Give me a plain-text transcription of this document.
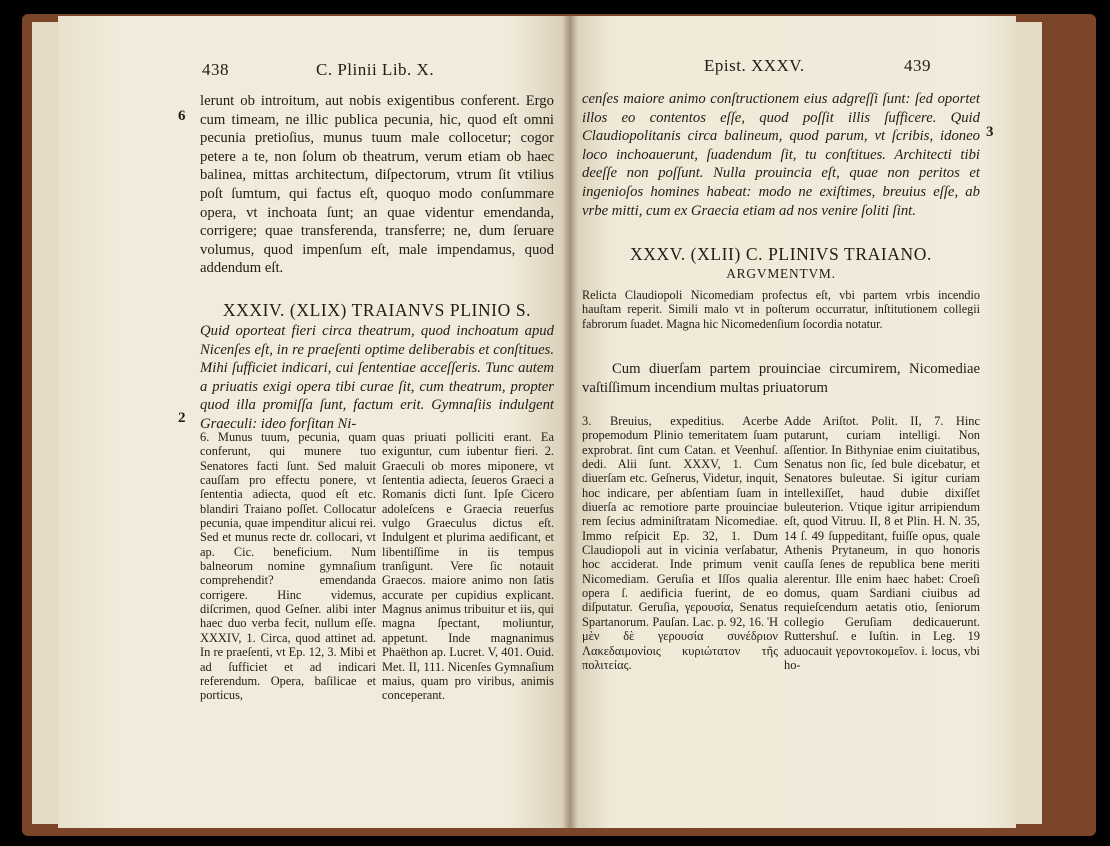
438	C. Plinii Lib. X.
6
2
lerunt ob introitum, aut nobis exigentibus conferent. Ergo cum timeam, ne illic publica pecunia, hic, quod eſt omni pecunia pretioſius, munus tuum male collocetur; cogor petere a te, non ſolum ob theatrum, verum etiam ob haec balinea, mittas architectum, diſpectorum, vtrum ſit vtilius poſt ſumtum, qui factus eſt, quoquo modo conſummare opera, vt inchoata ſunt; an quae videntur emendanda, corrigere; quae transferenda, transferre; ne, dum ſeruare volumus, quod impenſum eſt, male impendamus, quod addendum eſt.
XXXIV. (XLIX) TRAIANVS PLINIO S.
Quid oporteat fieri circa theatrum, quod inchoatum apud Nicenſes eſt, in re praeſenti optime deliberabis et conſtitues. Mihi ſufficiet indicari, cui ſententiae acceſſeris. Tunc autem a priuatis exigi opera tibi curae ſit, cum theatrum, propter quod illa promiſſa ſunt, factum erit. Gymnaſiis indulgent Graeculi: ideo forſitan Ni-
6. Munus tuum, pecunia, quam conferunt, qui munere tuo Senatores facti ſunt. Sed maluit cauſſam pro effectu ponere, vt ſententia adiecta, quod eſt etc. blandiri Traiano poſſet. Collocatur pecunia, quae impenditur alicui rei. Sed et munus recte dr. collocari, vt ap. Cic. beneficium. Num balneorum nomine gymnaſium comprehendit? emendanda corrigere. Hinc videmus, diſcrimen, quod Geſner. alibi inter haec duo verba fecit, nullum eſſe. XXXIV, 1. Circa, quod attinet ad. In re praeſenti, vt Ep. 12, 3. Mibi et ad ſufficiet et ad indicari referendum. Opera, baſilicae et porticus,
quas priuati polliciti erant. Ea exiguntur, cum iubentur fieri. 2. Graeculi ob mores miponere, vt ſententia adiecta, ſeueros Graeci a Romanis dicti ſunt. Ipſe Cicero adoleſcens e Graecia reuerſus vulgo Graeculus dictus eſt. Indulgent et plurima aedificant, et libentiſſime in iis tempus tranſigunt. Vere ſic notauit Graecos. maiore animo non ſatis accurate per cupidius explicant. Magnus animus tribuitur et iis, qui magna ſpectant, moliuntur, appetunt. Inde magnanimus Phaëthon ap. Lucret. V, 401. Ouid. Met. II, 111. Nicenſes Gymnaſium maius, quam pro viribus, animis conceperant.
Epist. XXXV.	439
3
cenſes maiore animo conſtructionem eius adgreſſi ſunt: ſed oportet illos eo contentos eſſe, quod poſſit illis ſufficere. Quid Claudiopolitanis circa balineum, quod parum, vt ſcribis, idoneo loco inchoauerunt, ſuadendum ſit, tu conſtitues. Architecti tibi deeſſe non poſſunt. Nulla prouincia eſt, quae non peritos et ingenioſos homines habeat: modo ne exiſtimes, breuius eſſe, ab vrbe mitti, cum ex Graecia etiam ad nos venire ſoliti ſint.
XXXV. (XLII) C. PLINIVS TRAIANO.
ARGVMENTVM.
Relicta Claudiopoli Nicomediam profectus eſt, vbi partem vrbis incendio hauſtam reperit. Simili malo vt in poſterum occurratur, inſtitutionem collegii fabrorum ſuadet. Magna hic Nicomedenſium ſocordia notatur.
Cum diuerſam partem prouinciae circumirem, Nicomediae vaſtiſſimum incendium multas priuatorum
3. Breuius, expeditius. Acerbe propemodum Plinio temeritatem ſuam exprobrat. ſint cum Catan. et Veenhuſ. dedi. Alii ſunt. XXXV, 1. Cum diuerſam etc. Geſnerus, Videtur, inquit, hoc indicare, per abſentiam ſuam in diuerſa ac remotiore parte prouinciae rem ſecius adminiſtratam Nicomediae. Immo reſpicit Ep. 32, 1. Dum Claudiopoli aut in vicinia verſabatur, hoc acciderat. Inde primum venit Nicomediam. Geruſia et Iſſos qualia opera ſ. aedificia fuerint, de eo diſputatur. Geruſia, γερουσία, Senatus Spartanorum. Pauſan. Lac. p. 92, 16. Ἡ μὲν δὲ γερουσία συνέδριον Λακεδαιμονίοις κυριώτατον τῆς πολιτείας.
Adde Ariſtot. Polit. II, 7. Hinc putarunt, curiam intelligi. Non aſſentior. In Bithyniae enim ciuitatibus, Senatus non ſic, ſed bule dicebatur, et Senatores buleutae. Si igitur curiam intellexiſſet, haud dubie dixiſſet buleuterion. Vtique igitur arripiendum eſt, quod Vitruu. II, 8 et Plin. H. N. 35, 14 ſ. 49 ſuppeditant, fuiſſe opus, quale Athenis Prytaneum, in quo honoris cauſſa ſenes de republica bene meriti alerentur. Ille enim haec habet: Croeſi domus, quam Sardiani ciuibus ad requieſcendum aetatis otio, ſeniorum collegio Geruſiam dedicauerunt. Ruttershuſ. e Iuſtin. in Leg. 19 aduocauit γεροντοκομεῖον. i. locus, vbi ho-
